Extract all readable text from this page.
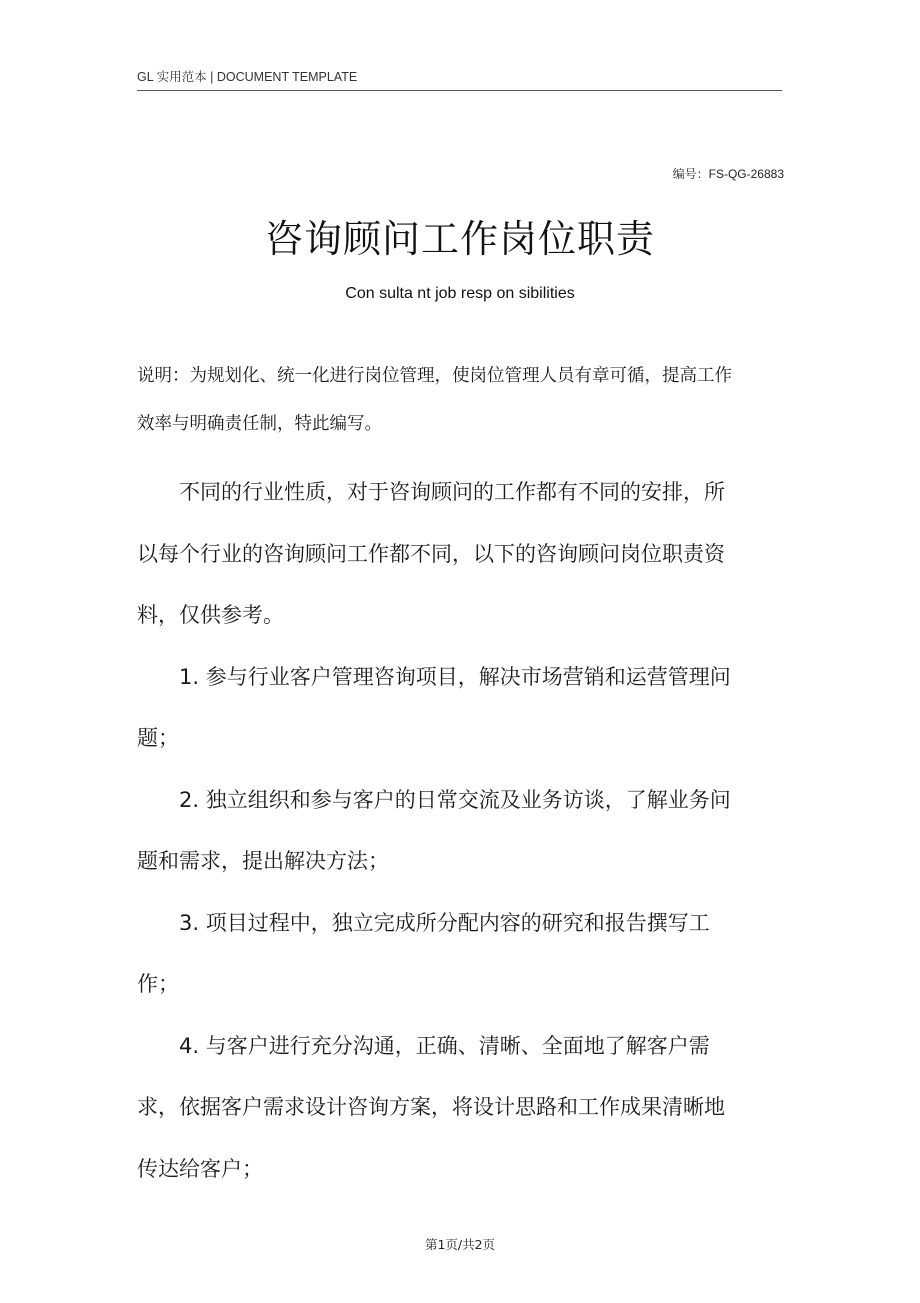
GL 实用范本 | DOCUMENT TEMPLATE
编号：FS-QG-26883
咨询顾问工作岗位职责
Con sulta nt job resp on sibilities
说明：为规划化、统一化进行岗位管理，使岗位管理人员有章可循，提高工作效率与明确责任制，特此编写。

不同的行业性质，对于咨询顾问的工作都有不同的安排，所以每个行业的咨询顾问工作都不同，以下的咨询顾问岗位职责资料，仅供参考。

1. 参与行业客户管理咨询项目，解决市场营销和运营管理问题；

2. 独立组织和参与客户的日常交流及业务访谈，了解业务问题和需求，提出解决方法；

3. 项目过程中，独立完成所分配内容的研究和报告撰写工作；

4. 与客户进行充分沟通，正确、清晰、全面地了解客户需求，依据客户需求设计咨询方案，将设计思路和工作成果清晰地传达给客户；

第1页/共2页
